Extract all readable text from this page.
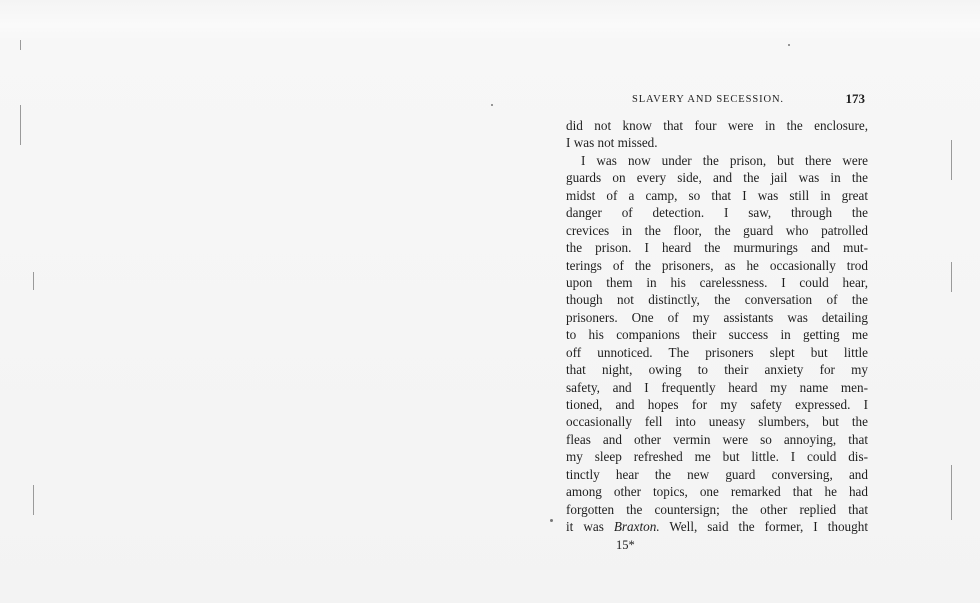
SLAVERY AND SECESSION.	173
did not know that four were in the enclosure,
I was not missed.
I was now under the prison, but there were
guards on every side, and the jail was in the
midst of a camp, so that I was still in great
danger of detection. I saw, through the
crevices in the floor, the guard who patrolled
the prison. I heard the murmurings and mut-
terings of the prisoners, as he occasionally trod
upon them in his carelessness. I could hear,
though not distinctly, the conversation of the
prisoners. One of my assistants was detailing
to his companions their success in getting me
off unnoticed. The prisoners slept but little
that night, owing to their anxiety for my
safety, and I frequently heard my name men-
tioned, and hopes for my safety expressed. I
occasionally fell into uneasy slumbers, but the
fleas and other vermin were so annoying, that
my sleep refreshed me but little. I could dis-
tinctly hear the new guard conversing, and
among other topics, one remarked that he had
forgotten the countersign; the other replied that
it was Braxton. Well, said the former, I thought
15*
